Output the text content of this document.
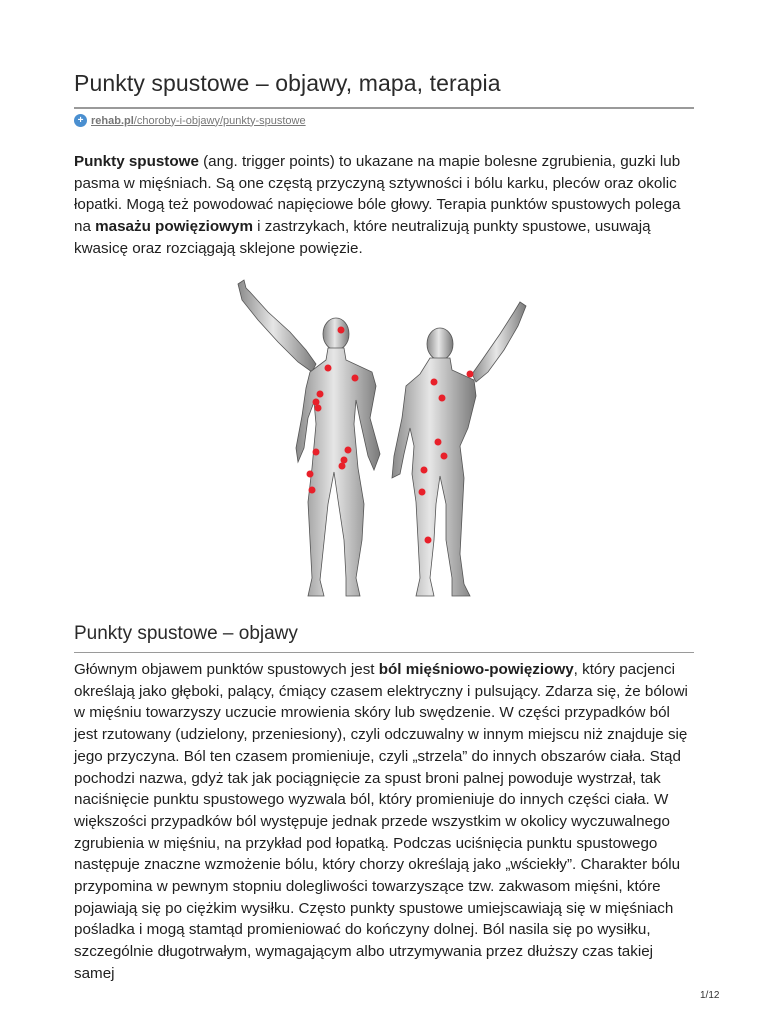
Punkty spustowe – objawy, mapa, terapia
+ rehab.pl/choroby-i-objawy/punkty-spustowe

Punkty spustowe (ang. trigger points) to ukazane na mapie bolesne zgrubienia, guzki lub pasma w mięśniach. Są one częstą przyczyną sztywności i bólu karku, pleców oraz okolic łopatki. Mogą też powodować napięciowe bóle głowy. Terapia punktów spustowych polega na masażu powięziowym i zastrzykach, które neutralizują punkty spustowe, usuwają kwasicę oraz rozciągają sklejone powięzie.

Punkty spustowe – objawy

Głównym objawem punktów spustowych jest ból mięśniowo-powięziowy, który pacjenci określają jako głęboki, palący, ćmiący czasem elektryczny i pulsujący. Zdarza się, że bólowi w mięśniu towarzyszy uczucie mrowienia skóry lub swędzenie. W części przypadków ból jest rzutowany (udzielony, przeniesiony), czyli odczuwalny w innym miejscu niż znajduje się jego przyczyna. Ból ten czasem promieniuje, czyli „strzela” do innych obszarów ciała. Stąd pochodzi nazwa, gdyż tak jak pociągnięcie za spust broni palnej powoduje wystrzał, tak naciśnięcie punktu spustowego wyzwala ból, który promieniuje do innych części ciała. W większości przypadków ból występuje jednak przede wszystkim w okolicy wyczuwalnego zgrubienia w mięśniu, na przykład pod łopatką. Podczas uciśnięcia punktu spustowego następuje znaczne wzmożenie bólu, który chorzy określają jako „wściekły”. Charakter bólu przypomina w pewnym stopniu dolegliwości towarzyszące tzw. zakwasom mięśni, które pojawiają się po ciężkim wysiłku. Często punkty spustowe umiejscawiają się w mięśniach pośladka i mogą stamtąd promieniować do kończyny dolnej. Ból nasila się po wysiłku, szczególnie długotrwałym, wymagającym albo utrzymywania przez dłuższy czas takiej samej

1/12
